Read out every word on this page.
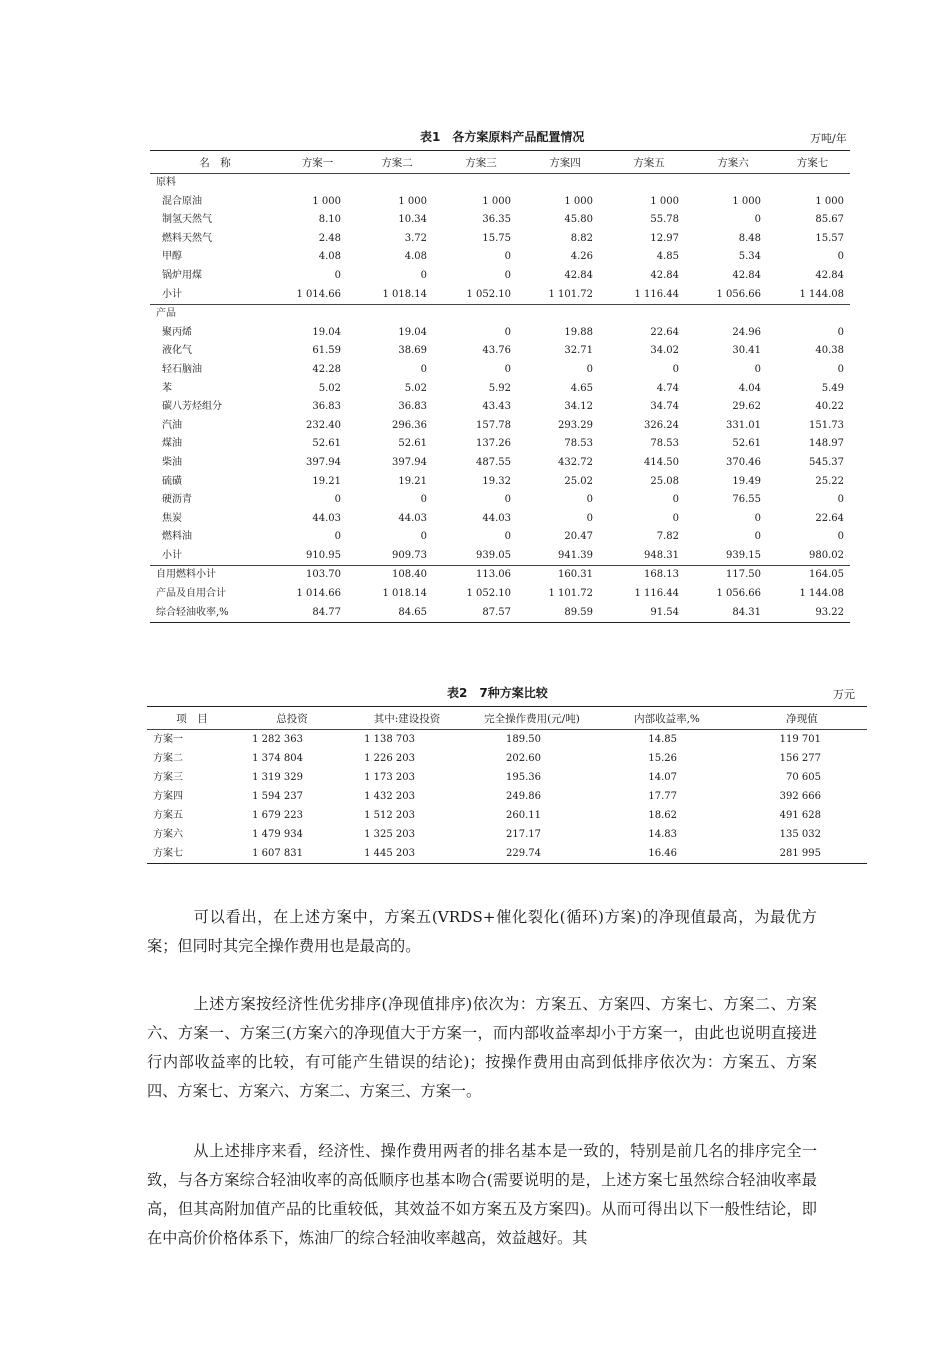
表1　各方案原料产品配置情况	万吨/年
名　称	方案一	方案二	方案三	方案四	方案五	方案六	方案七
原料							
混合原油	1 000	1 000	1 000	1 000	1 000	1 000	1 000
制氢天然气	8.10	10.34	36.35	45.80	55.78	0	85.67
燃料天然气	2.48	3.72	15.75	8.82	12.97	8.48	15.57
甲醇	4.08	4.08	0	4.26	4.85	5.34	0
锅炉用煤	0	0	0	42.84	42.84	42.84	42.84
小计	1 014.66	1 018.14	1 052.10	1 101.72	1 116.44	1 056.66	1 144.08
产品							
聚丙烯	19.04	19.04	0	19.88	22.64	24.96	0
液化气	61.59	38.69	43.76	32.71	34.02	30.41	40.38
轻石脑油	42.28	0	0	0	0	0	0
苯	5.02	5.02	5.92	4.65	4.74	4.04	5.49
碳八芳烃组分	36.83	36.83	43.43	34.12	34.74	29.62	40.22
汽油	232.40	296.36	157.78	293.29	326.24	331.01	151.73
煤油	52.61	52.61	137.26	78.53	78.53	52.61	148.97
柴油	397.94	397.94	487.55	432.72	414.50	370.46	545.37
硫磺	19.21	19.21	19.32	25.02	25.08	19.49	25.22
硬沥青	0	0	0	0	0	76.55	0
焦炭	44.03	44.03	44.03	0	0	0	22.64
燃料油	0	0	0	20.47	7.82	0	0
小计	910.95	909.73	939.05	941.39	948.31	939.15	980.02
自用燃料小计	103.70	108.40	113.06	160.31	168.13	117.50	164.05
产品及自用合计	1 014.66	1 018.14	1 052.10	1 101.72	1 116.44	1 056.66	1 144.08
综合轻油收率,%	84.77	84.65	87.57	89.59	91.54	84.31	93.22
表2　7种方案比较	万元
项　目	总投资	其中:建设投资	完全操作费用(元/吨)	内部收益率,%	净现值
方案一	1 282 363	1 138 703	189.50	14.85	119 701
方案二	1 374 804	1 226 203	202.60	15.26	156 277
方案三	1 319 329	1 173 203	195.36	14.07	70 605
方案四	1 594 237	1 432 203	249.86	17.77	392 666
方案五	1 679 223	1 512 203	260.11	18.62	491 628
方案六	1 479 934	1 325 203	217.17	14.83	135 032
方案七	1 607 831	1 445 203	229.74	16.46	281 995

可以看出，在上述方案中，方案五(VRDS+催化裂化(循环)方案)的净现值最高，为最优方案；但同时其完全操作费用也是最高的。

上述方案按经济性优劣排序(净现值排序)依次为：方案五、方案四、方案七、方案二、方案六、方案一、方案三(方案六的净现值大于方案一，而内部收益率却小于方案一，由此也说明直接进行内部收益率的比较，有可能产生错误的结论)；按操作费用由高到低排序依次为：方案五、方案四、方案七、方案六、方案二、方案三、方案一。

从上述排序来看，经济性、操作费用两者的排名基本是一致的，特别是前几名的排序完全一致，与各方案综合轻油收率的高低顺序也基本吻合(需要说明的是，上述方案七虽然综合轻油收率最高，但其高附加值产品的比重较低，其效益不如方案五及方案四)。从而可得出以下一般性结论，即在中高价价格体系下，炼油厂的综合轻油收率越高，效益越好。其
